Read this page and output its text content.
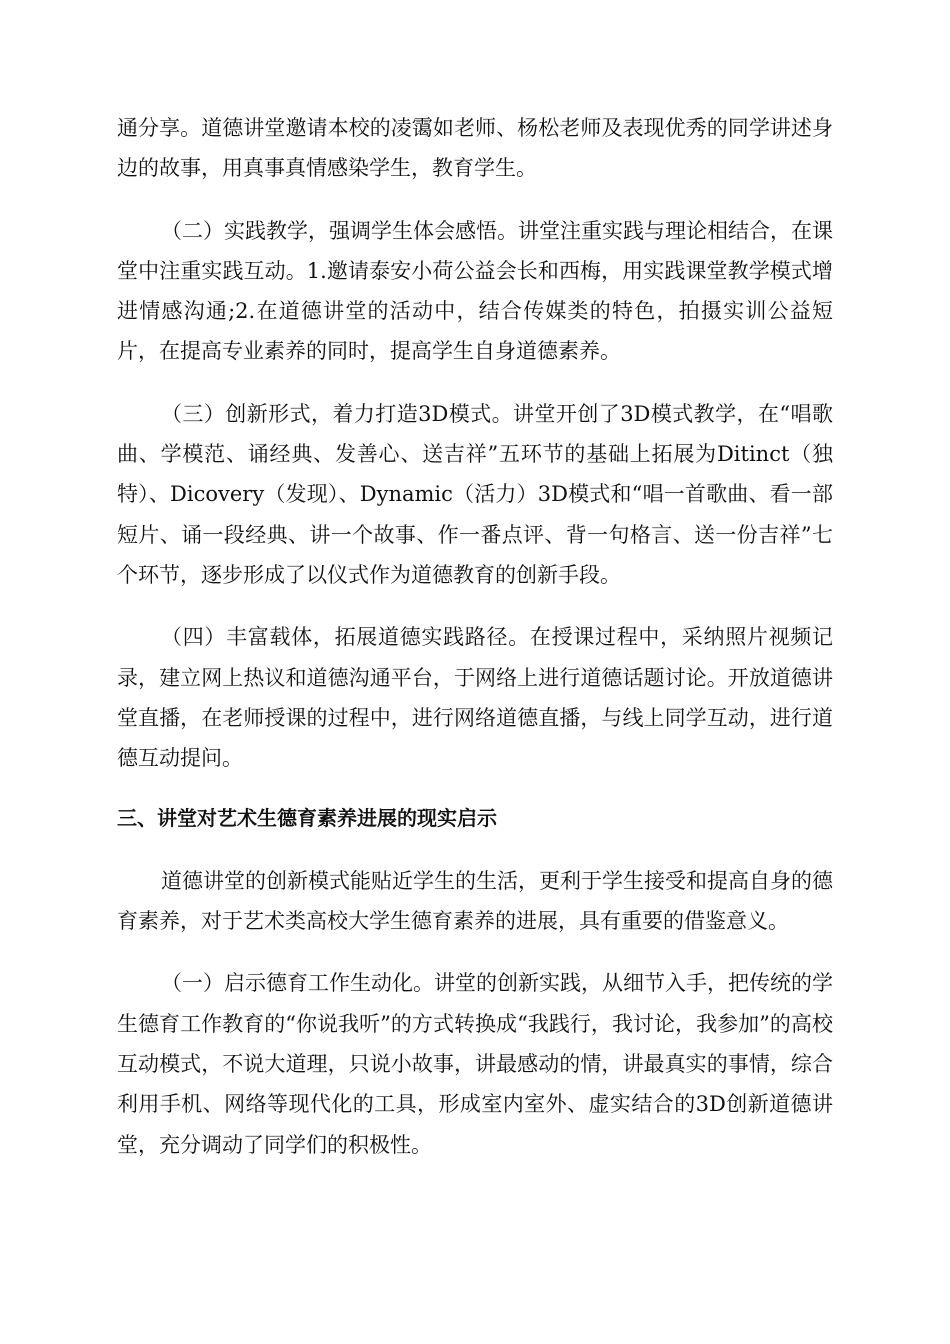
通分享。道德讲堂邀请本校的凌霭如老师、杨松老师及表现优秀的同学讲述身边的故事，用真事真情感染学生，教育学生。

（二）实践教学，强调学生体会感悟。讲堂注重实践与理论相结合，在课堂中注重实践互动。1.邀请泰安小荷公益会长和西梅，用实践课堂教学模式增进情感沟通;2.在道德讲堂的活动中，结合传媒类的特色，拍摄实训公益短片，在提高专业素养的同时，提高学生自身道德素养。

（三）创新形式，着力打造3D模式。讲堂开创了3D模式教学，在“唱歌曲、学模范、诵经典、发善心、送吉祥”五环节的基础上拓展为Ditinct（独特）、Dicovery（发现）、Dynamic（活力）3D模式和“唱一首歌曲、看一部短片、诵一段经典、讲一个故事、作一番点评、背一句格言、送一份吉祥”七个环节，逐步形成了以仪式作为道德教育的创新手段。

（四）丰富载体，拓展道德实践路径。在授课过程中，采纳照片视频记录，建立网上热议和道德沟通平台，于网络上进行道德话题讨论。开放道德讲堂直播，在老师授课的过程中，进行网络道德直播，与线上同学互动，进行道德互动提问。

三、讲堂对艺术生德育素养进展的现实启示

道德讲堂的创新模式能贴近学生的生活，更利于学生接受和提高自身的德育素养，对于艺术类高校大学生德育素养的进展，具有重要的借鉴意义。

（一）启示德育工作生动化。讲堂的创新实践，从细节入手，把传统的学生德育工作教育的“你说我听”的方式转换成“我践行，我讨论，我参加”的高校互动模式，不说大道理，只说小故事，讲最感动的情，讲最真实的事情，综合利用手机、网络等现代化的工具，形成室内室外、虚实结合的3D创新道德讲堂，充分调动了同学们的积极性。
